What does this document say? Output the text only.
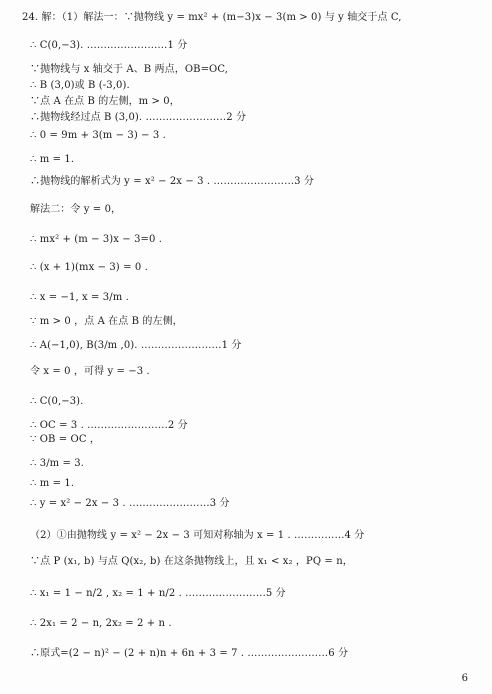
24. 解：（1）解法一：∵抛物线 y = mx² + (m−3)x − 3(m > 0) 与 y 轴交于点 C,
∴ C(0,−3). ……………………1 分
∵抛物线与 x 轴交于 A、B 两点，OB=OC,
∴ B (3,0)或 B (-3,0).
∵点 A 在点 B 的左侧，m > 0，
∴抛物线经过点 B (3,0). ……………………2 分
∴ 0 = 9m + 3(m − 3) − 3 .
∴ m = 1.
∴抛物线的解析式为 y = x² − 2x − 3 . ……………………3 分
解法二：令 y = 0，
∴ mx² + (m − 3)x − 3=0 .
∴ (x + 1)(mx − 3) = 0 .
∴ x = −1, x = 3/m .
∵ m > 0 ，点 A 在点 B 的左侧，
∴ A(−1,0), B(3/m ,0). ……………………1 分
令 x = 0 ，可得 y = −3 .
∴ C(0,−3).
∴ OC = 3 . ……………………2 分
∵ OB = OC ，
∴ 3/m = 3.
∴ m = 1.
∴ y = x² − 2x − 3 . ……………………3 分
（2）①由抛物线 y = x² − 2x − 3 可知对称轴为 x = 1 . ……………4 分
∵点 P (x₁, b) 与点 Q(x₂, b) 在这条抛物线上，且 x₁ < x₂ ，PQ = n，
∴ x₁ = 1 − n/2 , x₂ = 1 + n/2 . ……………………5 分
∴ 2x₁ = 2 − n, 2x₂ = 2 + n .
∴原式=(2 − n)² − (2 + n)n + 6n + 3 = 7 . ……………………6 分
6
